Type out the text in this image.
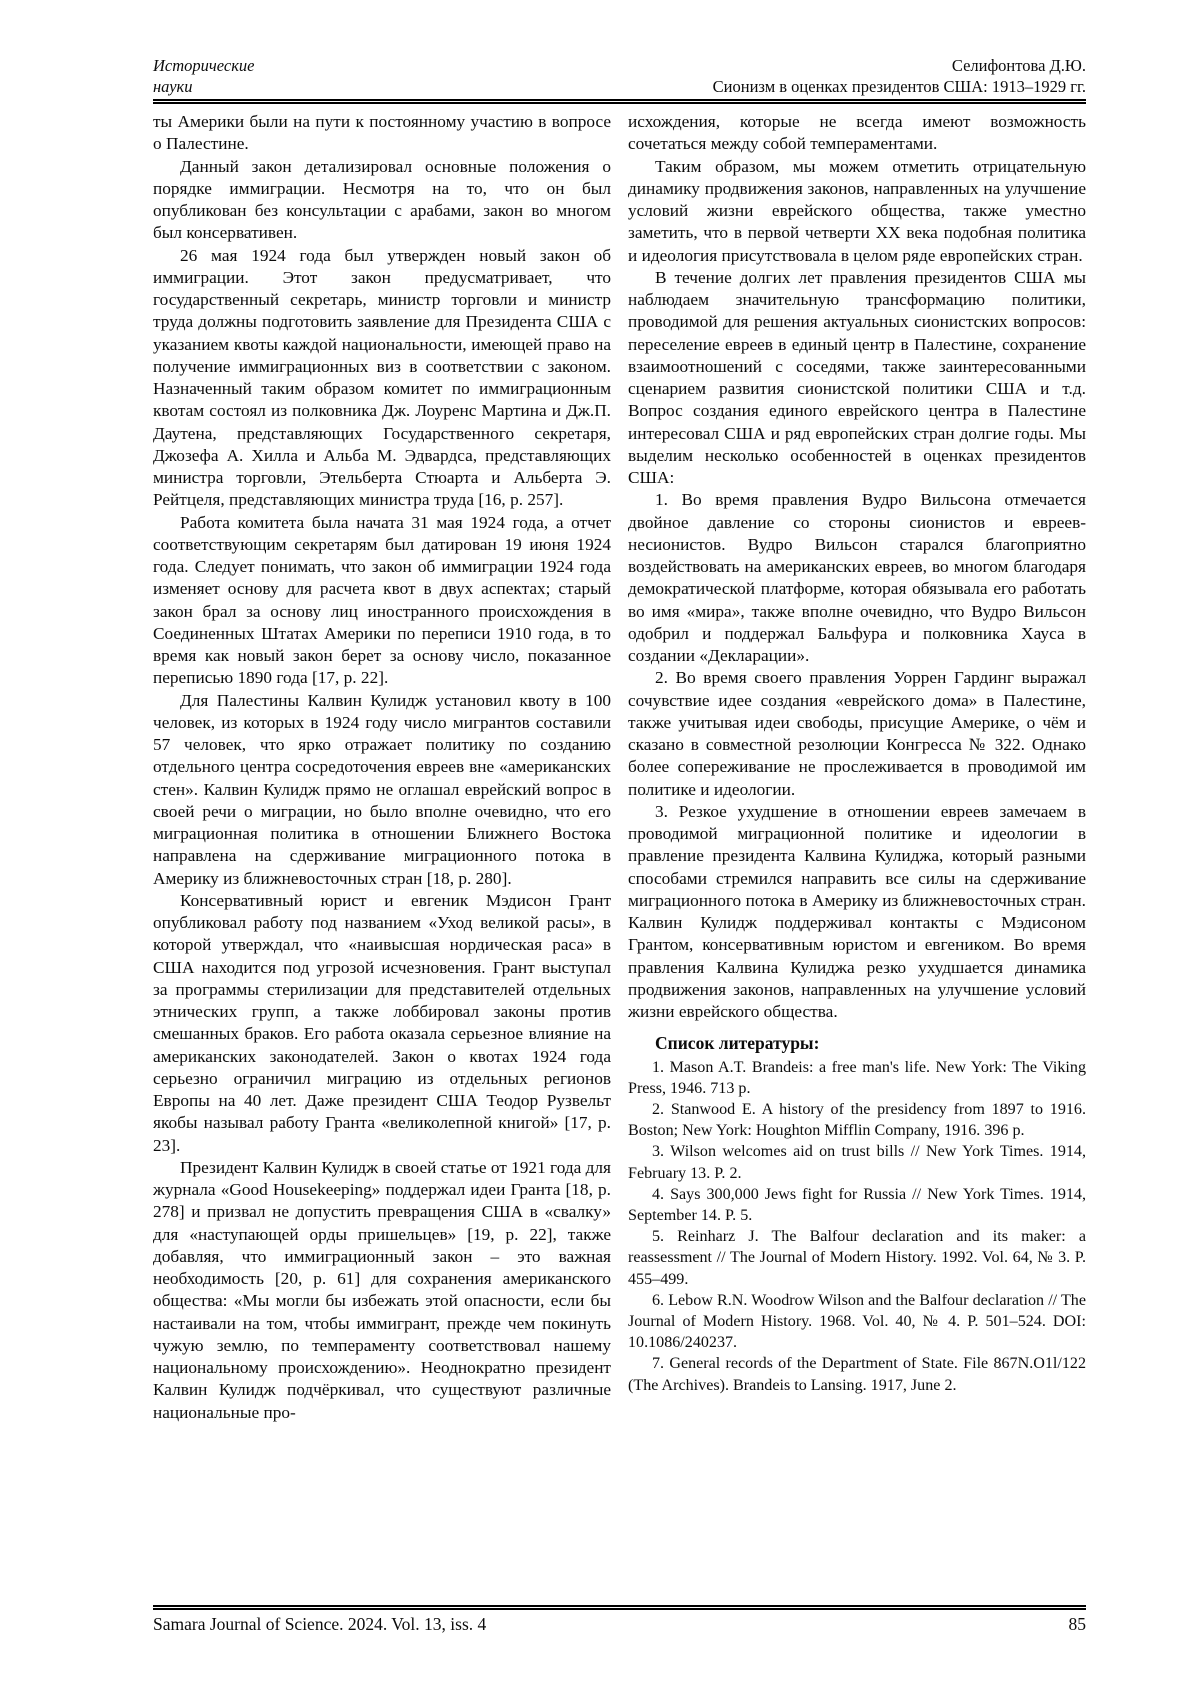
Исторические
науки
Селифонтова Д.Ю.
Сионизм в оценках президентов США: 1913–1929 гг.

ты Америки были на пути к постоянному участию в вопросе о Палестине.

Данный закон детализировал основные положения о порядке иммиграции. Несмотря на то, что он был опубликован без консультации с арабами, закон во многом был консервативен.

26 мая 1924 года был утвержден новый закон об иммиграции. Этот закон предусматривает, что государственный секретарь, министр торговли и министр труда должны подготовить заявление для Президента США с указанием квоты каждой национальности, имеющей право на получение иммиграционных виз в соответствии с законом. Назначенный таким образом комитет по иммиграционным квотам состоял из полковника Дж. Лоуренс Мартина и Дж.П. Даутена, представляющих Государственного секретаря, Джозефа А. Хилла и Альба М. Эдвардса, представляющих министра торговли, Этельберта Стюарта и Альберта Э. Рейтцеля, представляющих министра труда [16, p. 257].

Работа комитета была начата 31 мая 1924 года, а отчет соответствующим секретарям был датирован 19 июня 1924 года. Следует понимать, что закон об иммиграции 1924 года изменяет основу для расчета квот в двух аспектах; старый закон брал за основу лиц иностранного происхождения в Соединенных Штатах Америки по переписи 1910 года, в то время как новый закон берет за основу число, показанное переписью 1890 года [17, p. 22].

Для Палестины Калвин Кулидж установил квоту в 100 человек, из которых в 1924 году число мигрантов составили 57 человек, что ярко отражает политику по созданию отдельного центра сосредоточения евреев вне «американских стен». Калвин Кулидж прямо не оглашал еврейский вопрос в своей речи о миграции, но было вполне очевидно, что его миграционная политика в отношении Ближнего Востока направлена на сдерживание миграционного потока в Америку из ближневосточных стран [18, p. 280].

Консервативный юрист и евгеник Мэдисон Грант опубликовал работу под названием «Уход великой расы», в которой утверждал, что «наивысшая нордическая раса» в США находится под угрозой исчезновения. Грант выступал за программы стерилизации для представителей отдельных этнических групп, а также лоббировал законы против смешанных браков. Его работа оказала серьезное влияние на американских законодателей. Закон о квотах 1924 года серьезно ограничил миграцию из отдельных регионов Европы на 40 лет. Даже президент США Теодор Рузвельт якобы называл работу Гранта «великолепной книгой» [17, p. 23].

Президент Калвин Кулидж в своей статье от 1921 года для журнала «Good Housekeeping» поддержал идеи Гранта [18, p. 278] и призвал не допустить превращения США в «свалку» для «наступающей орды пришельцев» [19, p. 22], также добавляя, что иммиграционный закон – это важная необходимость [20, p. 61] для сохранения американского общества: «Мы могли бы избежать этой опасности, если бы настаивали на том, чтобы иммигрант, прежде чем покинуть чужую землю, по темпераменту соответствовал нашему национальному происхождению». Неоднократно президент Калвин Кулидж подчёркивал, что существуют различные национальные про-

исхождения, которые не всегда имеют возможность сочетаться между собой темпераментами.

Таким образом, мы можем отметить отрицательную динамику продвижения законов, направленных на улучшение условий жизни еврейского общества, также уместно заметить, что в первой четверти XX века подобная политика и идеология присутствовала в целом ряде европейских стран.

В течение долгих лет правления президентов США мы наблюдаем значительную трансформацию политики, проводимой для решения актуальных сионистских вопросов: переселение евреев в единый центр в Палестине, сохранение взаимоотношений с соседями, также заинтересованными сценарием развития сионистской политики США и т.д. Вопрос создания единого еврейского центра в Палестине интересовал США и ряд европейских стран долгие годы. Мы выделим несколько особенностей в оценках президентов США:

1. Во время правления Вудро Вильсона отмечается двойное давление со стороны сионистов и евреев-несионистов. Вудро Вильсон старался благоприятно воздействовать на американских евреев, во многом благодаря демократической платформе, которая обязывала его работать во имя «мира», также вполне очевидно, что Вудро Вильсон одобрил и поддержал Бальфура и полковника Хауса в создании «Декларации».

2. Во время своего правления Уоррен Гардинг выражал сочувствие идее создания «еврейского дома» в Палестине, также учитывая идеи свободы, присущие Америке, о чём и сказано в совместной резолюции Конгресса № 322. Однако более сопереживание не прослеживается в проводимой им политике и идеологии.

3. Резкое ухудшение в отношении евреев замечаем в проводимой миграционной политике и идеологии в правление президента Калвина Кулиджа, который разными способами стремился направить все силы на сдерживание миграционного потока в Америку из ближневосточных стран. Калвин Кулидж поддерживал контакты с Мэдисоном Грантом, консервативным юристом и евгеником. Во время правления Калвина Кулиджа резко ухудшается динамика продвижения законов, направленных на улучшение условий жизни еврейского общества.

Список литературы:

1. Mason A.T. Brandeis: a free man's life. New York: The Viking Press, 1946. 713 p.

2. Stanwood E. A history of the presidency from 1897 to 1916. Boston; New York: Houghton Mifflin Company, 1916. 396 p.

3. Wilson welcomes aid on trust bills // New York Times. 1914, February 13. P. 2.

4. Says 300,000 Jews fight for Russia // New York Times. 1914, September 14. P. 5.

5. Reinharz J. The Balfour declaration and its maker: a reassessment // The Journal of Modern History. 1992. Vol. 64, № 3. P. 455–499.

6. Lebow R.N. Woodrow Wilson and the Balfour declaration // The Journal of Modern History. 1968. Vol. 40, № 4. P. 501–524. DOI: 10.1086/240237.

7. General records of the Department of State. File 867N.O1l/122 (The Archives). Brandeis to Lansing. 1917, June 2.

Samara Journal of Science. 2024. Vol. 13, iss. 4	85
